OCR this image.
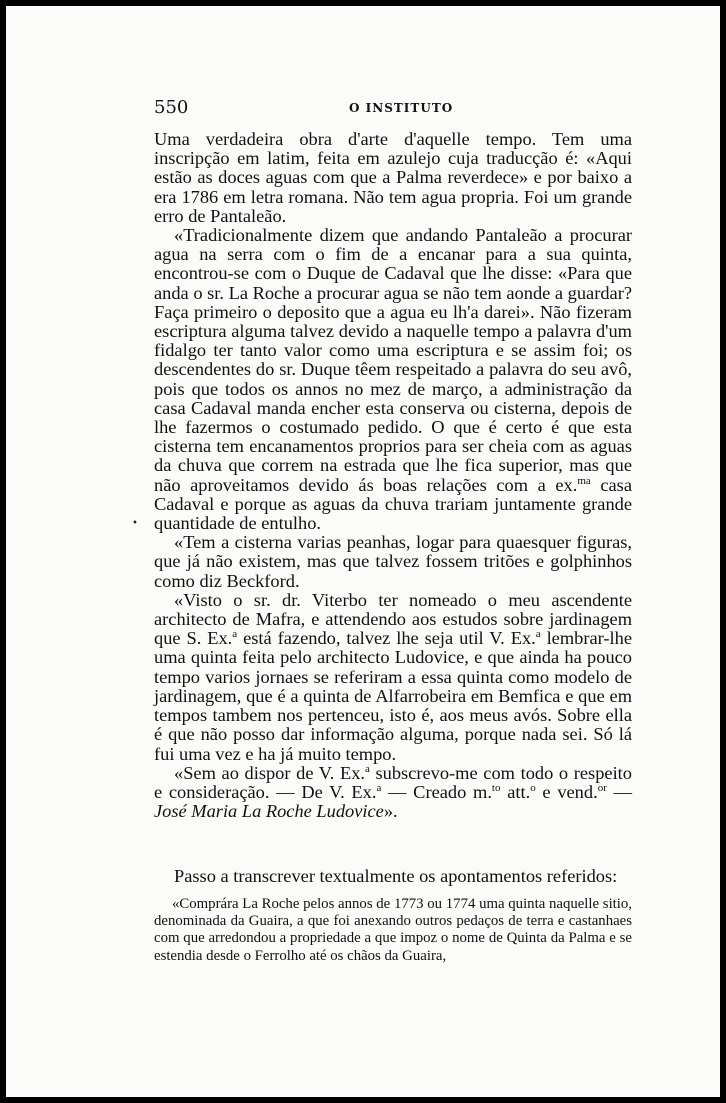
550	O INSTITUTO
•

Uma verdadeira obra d'arte d'aquelle tempo. Tem uma inscripção em latim, feita em azulejo cuja traducção é: «Aqui estão as doces aguas com que a Palma reverdece» e por baixo a era 1786 em letra romana. Não tem agua propria. Foi um grande erro de Pantaleão.

«Tradicionalmente dizem que andando Pantaleão a procurar agua na serra com o fim de a encanar para a sua quinta, encontrou-se com o Duque de Cadaval que lhe disse: «Para que anda o sr. La Roche a procurar agua se não tem aonde a guardar? Faça primeiro o deposito que a agua eu lh'a darei». Não fizeram escriptura alguma talvez devido a naquelle tempo a palavra d'um fidalgo ter tanto valor como uma escriptura e se assim foi; os descendentes do sr. Duque têem respeitado a palavra do seu avô, pois que todos os annos no mez de março, a administração da casa Cadaval manda encher esta conserva ou cisterna, depois de lhe fazermos o costumado pedido. O que é certo é que esta cisterna tem encanamentos proprios para ser cheia com as aguas da chuva que correm na estrada que lhe fica superior, mas que não aproveitamos devido ás boas relações com a ex.$^{ma}$ casa Cadaval e porque as aguas da chuva trariam juntamente grande quantidade de entulho.

«Tem a cisterna varias peanhas, logar para quaesquer figuras, que já não existem, mas que talvez fossem tritões e golphinhos como diz Beckford.

«Visto o sr. dr. Viterbo ter nomeado o meu ascendente architecto de Mafra, e attendendo aos estudos sobre jardinagem que S. Ex.$^a$ está fazendo, talvez lhe seja util V. Ex.$^a$ lembrar-lhe uma quinta feita pelo architecto Ludovice, e que ainda ha pouco tempo varios jornaes se referiram a essa quinta como modelo de jardinagem, que é a quinta de Alfarrobeira em Bemfica e que em tempos tambem nos pertenceu, isto é, aos meus avós. Sobre ella é que não posso dar informação alguma, porque nada sei. Só lá fui uma vez e ha já muito tempo.

«Sem ao dispor de V. Ex.$^a$ subscrevo-me com todo o respeito e consideração. — De V. Ex.$^a$ — Creado m.$^{to}$ att.$^o$ e vend.$^{or}$ — José Maria La Roche Ludovice».

Passo a transcrever textualmente os apontamentos referidos:

«Comprára La Roche pelos annos de 1773 ou 1774 uma quinta naquelle sitio, denominada da Guaira, a que foi anexando outros pedaços de terra e castanhaes com que arredondou a propriedade a que impoz o nome de Quinta da Palma e se estendia desde o Ferrolho até os chãos da Guaira,
